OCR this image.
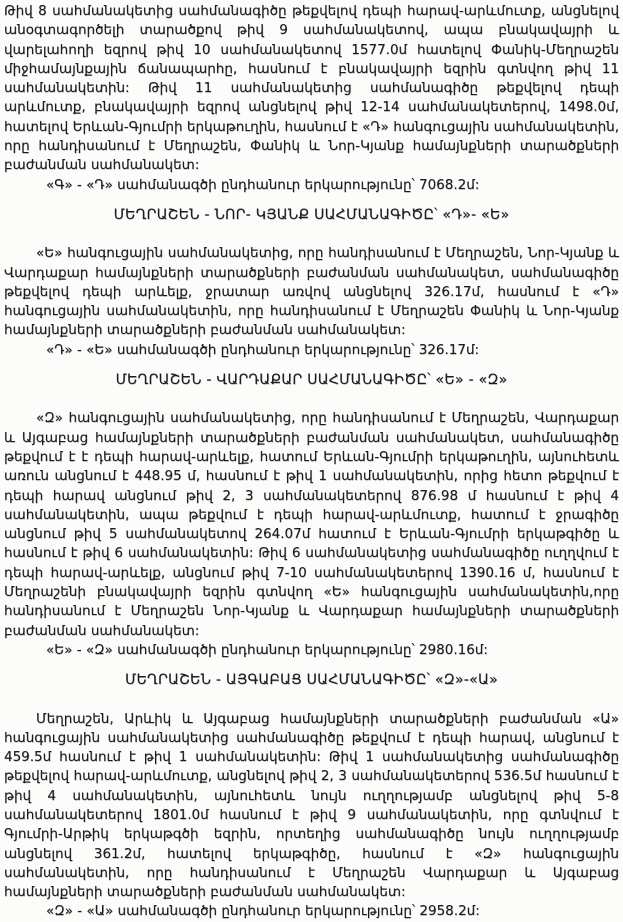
Թիվ 8 սահմանակետից սահմանագիծը թեքվելով դեպի հարավ-արևմուտք, անցնելով անօգտագործելի տարածքով թիվ 9 սահմանակետով, ապա բնակավայրի և վարելահողի եզրով թիվ 10 սահմանակետով 1577.0մ հատելով Փանիկ-Մեղրաշեն միջհամայնքային ճանապարհը, հասնում է բնակավայրի եզրին գտնվող թիվ 11 սահմանակետին: Թիվ 11 սահմանակետից սահմանագիծը թեքվելով դեպի արևմուտք, բնակավայրի եզրով անցնելով թիվ 12-14 սահմանակետերով, 1498.0մ, հատելով Երևան-Գյումրի երկաթուղին, հասնում է «Դ» հանգուցային սահմանակետին, որը հանդիսանում է Մեղրաշեն, Փանիկ և Նոր-Կյանք համայնքների տարածքների բաժանման սահմանակետ:

«Գ» - «Դ» սահմանագծի ընդհանուր երկարությունը՝ 7068.2մ:

ՄԵՂՐԱՇԵՆ - ՆՈՐ- ԿՅԱՆՔ ՍԱՀՄԱՆԱԳԻԾԸ՝ «Դ»- «Ե»

«Ե» հանգուցային սահմանակետից, որը հանդիսանում է Մեղրաշեն, Նոր-Կյանք և Վարդաքար համայնքների տարածքների բաժանման սահմանակետ, սահմանագիծը թեքվելով դեպի արևելք, ջրատար առվով անցնելով 326.17մ, հասնում է «Դ» հանգուցային սահմանակետին, որը հանդիսանում է Մեղրաշեն Փանիկ և Նոր-Կյանք համայնքների տարածքների բաժանման սահմանակետ:

«Դ» - «Ե» սահմանագծի ընդհանուր երկարությունը՝ 326.17մ:

ՄԵՂՐԱՇԵՆ - ՎԱՐԴԱՔԱՐ ՍԱՀՄԱՆԱԳԻԾԸ՝ «Ե» - «Զ»

«Զ» հանգուցային սահմանակետից, որը հանդիսանում է Մեղրաշեն, Վարդաքար և Այգաբաց համայնքների տարածքների բաժանման սահմանակետ, սահմանագիծը թեքվում է է դեպի հարավ-արևելք, հատում Երևան-Գյումրի երկաթուղին, այնուհետև առուն անցնում է 448.95 մ, հասնում է թիվ 1 սահմանակետին, որից հետո թեքվում է դեպի հարավ անցնում թիվ 2, 3 սահմանակետերով 876.98 մ հասնում է թիվ 4 սահմանակետին, ապա թեքվում է դեպի հարավ-արևմուտք, հատում է ջրագիծը անցնում թիվ 5 սահմանակետով 264.07մ հատում է Երևան-Գյումրի երկաթգիծը և հասնում է թիվ 6 սահմանակետին: Թիվ 6 սահմանակետից սահմանագիծը ուղղվում է դեպի հարավ-արևելք, անցնում թիվ 7-10 սահմանակետերով 1390.16 մ, հասնում է Մեղրաշենի բնակավայրի եզրին գտնվող «Ե» հանգուցային սահմանակետին,որը հանդիսանում է Մեղրաշեն Նոր-Կյանք և Վարդաքար համայնքների տարածքների բաժանման սահմանակետ:

«Ե» - «Զ» սահմանագծի ընդհանուր երկարությունը՝ 2980.16մ:

ՄԵՂՐԱՇԵՆ - ԱՅԳԱԲԱՑ ՍԱՀՄԱՆԱԳԻԾԸ՝ «Զ»-«Ա»

Մեղրաշեն, Արևիկ և Այգաբաց համայնքների տարածքների բաժանման «Ա» հանգուցային սահմանակետից սահմանագիծը թեքվում է դեպի հարավ, անցնում է 459.5մ հասնում է թիվ 1 սահմանակետին: Թիվ 1 սահմանակետից սահմանագիծը թեքվելով հարավ-արևմուտք, անցնելով թիվ 2, 3 սահմանակետերով 536.5մ հասնում է թիվ 4 սահմանակետին, այնուհետև նույն ուղղությամբ անցնելով թիվ 5-8 սահմանակետերով 1801.0մ հասնում է թիվ 9 սահմանակետին, որը գտնվում է Գյումրի-Արթիկ երկաթգծի եզրին, որտեղից սահմանագիծը նույն ուղղությամբ անցնելով 361.2մ, հատելով երկաթգիծը, հասնում է «Զ» հանգուցային սահմանակետին, որը հանդիսանում է Մեղրաշեն Վարդաքար և Այգաբաց համայնքների տարածքների բաժանման սահմանակետ:

«Զ» - «Ա» սահմանագծի ընդհանուր երկարությունը՝ 2958.2մ:
